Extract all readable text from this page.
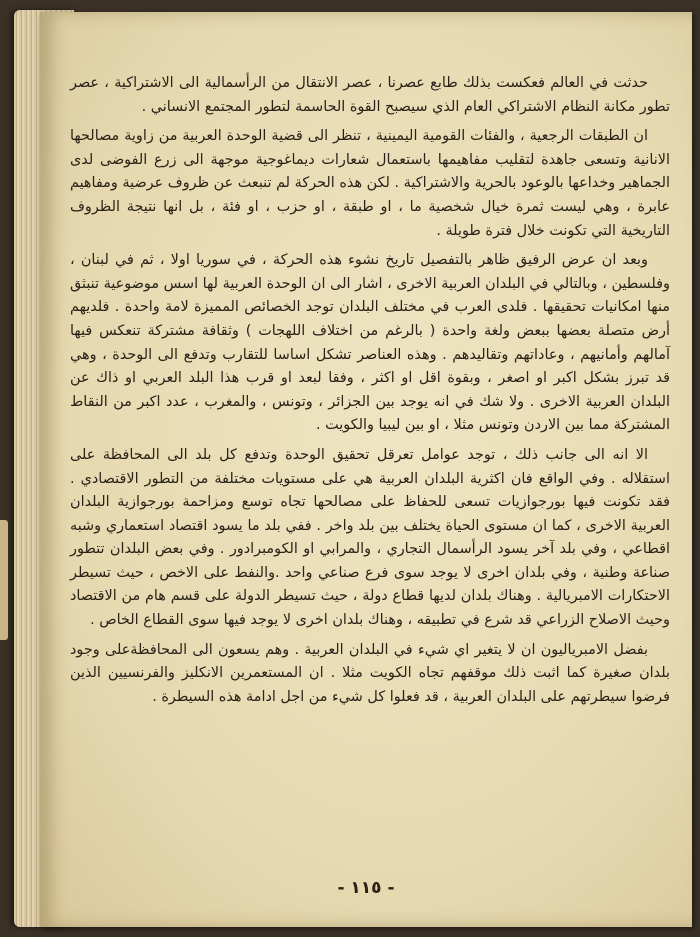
حدثت في العالم فعكست بذلك طابع عصرنا ، عصر الانتقال من الرأسمالية الى الاشتراكية ، عصر تطور مكانة النظام الاشتراكي العام الذي سيصبح القوة الحاسمة لتطور المجتمع الانساني .

ان الطبقات الرجعية ، والفئات القومية اليمينية ، تنظر الى قضية الوحدة العربية من زاوية مصالحها الانانية وتسعى جاهدة لتقليب مفاهيمها باستعمال شعارات ديماغوجية موجهة الى زرع الفوضى لدى الجماهير وخداعها بالوعود بالحرية والاشتراكية . لكن هذه الحركة لم تنبعث عن ظروف عرضية ومفاهيم عابرة ، وهي ليست ثمرة خيال شخصية ما ، او طبقة ، او حزب ، او فئة ، بل انها نتيجة الظروف التاريخية التي تكونت خلال فترة طويلة .

وبعد ان عرض الرفيق ظاهر بالتفصيل تاريخ نشوء هذه الحركة ، في سوريا اولا ، ثم في لبنان ، وفلسطين ، وبالتالي في البلدان العربية الاخرى ، اشار الى ان الوحدة العربية لها اسس موضوعية تنبثق منها امكانيات تحقيقها . فلدى العرب في مختلف البلدان توجد الخصائص المميزة لامة واحدة . فلديهم أرض متصلة بعضها ببعض ولغة واحدة ( بالرغم من اختلاف اللهجات ) وثقافة مشتركة تنعكس فيها آمالهم وأمانيهم ، وعاداتهم وتقاليدهم . وهذه العناصر تشكل اساسا للتقارب وتدفع الى الوحدة ، وهي قد تبرز بشكل اكبر او اصغر ، وبقوة اقل او اكثر ، وفقا لبعد او قرب هذا البلد العربي او ذاك عن البلدان العربية الاخرى . ولا شك في انه يوجد بين الجزائر ، وتونس ، والمغرب ، عدد اكبر من النقاط المشتركة مما بين الاردن وتونس مثلا ، او بين ليبيا والكويت .

الا انه الى جانب ذلك ، توجد عوامل تعرقل تحقيق الوحدة وتدفع كل بلد الى المحافظة على استقلاله . وفي الواقع فان اكثرية البلدان العربية هي على مستويات مختلفة من التطور الاقتصادي . فقد تكونت فيها بورجوازيات تسعى للحفاظ على مصالحها تجاه توسع ومزاحمة بورجوازية البلدان العربية الاخرى ، كما ان مستوى الحياة يختلف بين بلد واخر . ففي بلد ما يسود اقتصاد استعماري وشبه اقطاعي ، وفي بلد آخر يسود الرأسمال التجاري ، والمرابي او الكومبرادور . وفي بعض البلدان تتطور صناعة وطنية ، وفي بلدان اخرى لا يوجد سوى فرع صناعي واحد .والنفط على الاخص ، حيث تسيطر الاحتكارات الامبريالية . وهناك بلدان لديها قطاع دولة ، حيث تسيطر الدولة على قسم هام من الاقتصاد وحيث الاصلاح الزراعي قد شرع في تطبيقه ، وهناك بلدان اخرى لا يوجد فيها سوى القطاع الخاص .

بفضل الامبرياليون ان لا يتغير اي شيء في البلدان العربية . وهم يسعون الى المحافظةعلى وجود بلدان صغيرة كما اثبت ذلك موقفهم تجاه الكويت مثلا . ان المستعمرين الانكليز والفرنسيين الذين فرضوا سيطرتهم على البلدان العربية ، قد فعلوا كل شيء من اجل ادامة هذه السيطرة .

- ١١٥ -
